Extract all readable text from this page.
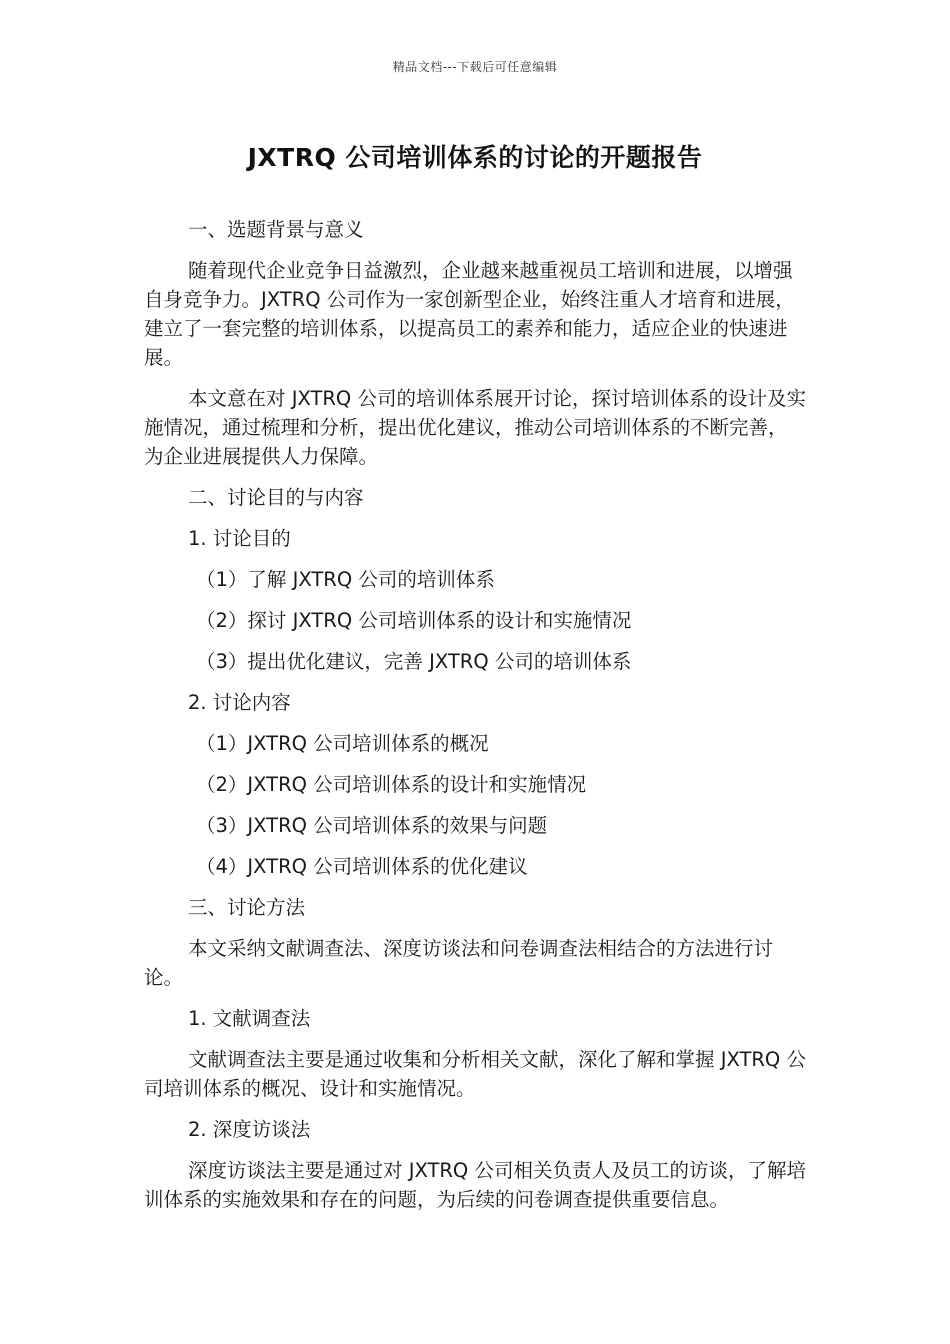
精品文档---下载后可任意编辑
JXTRQ 公司培训体系的讨论的开题报告

一、选题背景与意义

随着现代企业竞争日益激烈，企业越来越重视员工培训和进展，以增强自身竞争力。JXTRQ 公司作为一家创新型企业，始终注重人才培育和进展，建立了一套完整的培训体系，以提高员工的素养和能力，适应企业的快速进展。

本文意在对 JXTRQ 公司的培训体系展开讨论，探讨培训体系的设计及实施情况，通过梳理和分析，提出优化建议，推动公司培训体系的不断完善，为企业进展提供人力保障。

二、讨论目的与内容

1. 讨论目的

（1）了解 JXTRQ 公司的培训体系

（2）探讨 JXTRQ 公司培训体系的设计和实施情况

（3）提出优化建议，完善 JXTRQ 公司的培训体系

2. 讨论内容

（1）JXTRQ 公司培训体系的概况

（2）JXTRQ 公司培训体系的设计和实施情况

（3）JXTRQ 公司培训体系的效果与问题

（4）JXTRQ 公司培训体系的优化建议

三、讨论方法

本文采纳文献调查法、深度访谈法和问卷调查法相结合的方法进行讨论。

1. 文献调查法

文献调查法主要是通过收集和分析相关文献，深化了解和掌握 JXTRQ 公司培训体系的概况、设计和实施情况。

2. 深度访谈法

深度访谈法主要是通过对 JXTRQ 公司相关负责人及员工的访谈，了解培训体系的实施效果和存在的问题，为后续的问卷调查提供重要信息。
